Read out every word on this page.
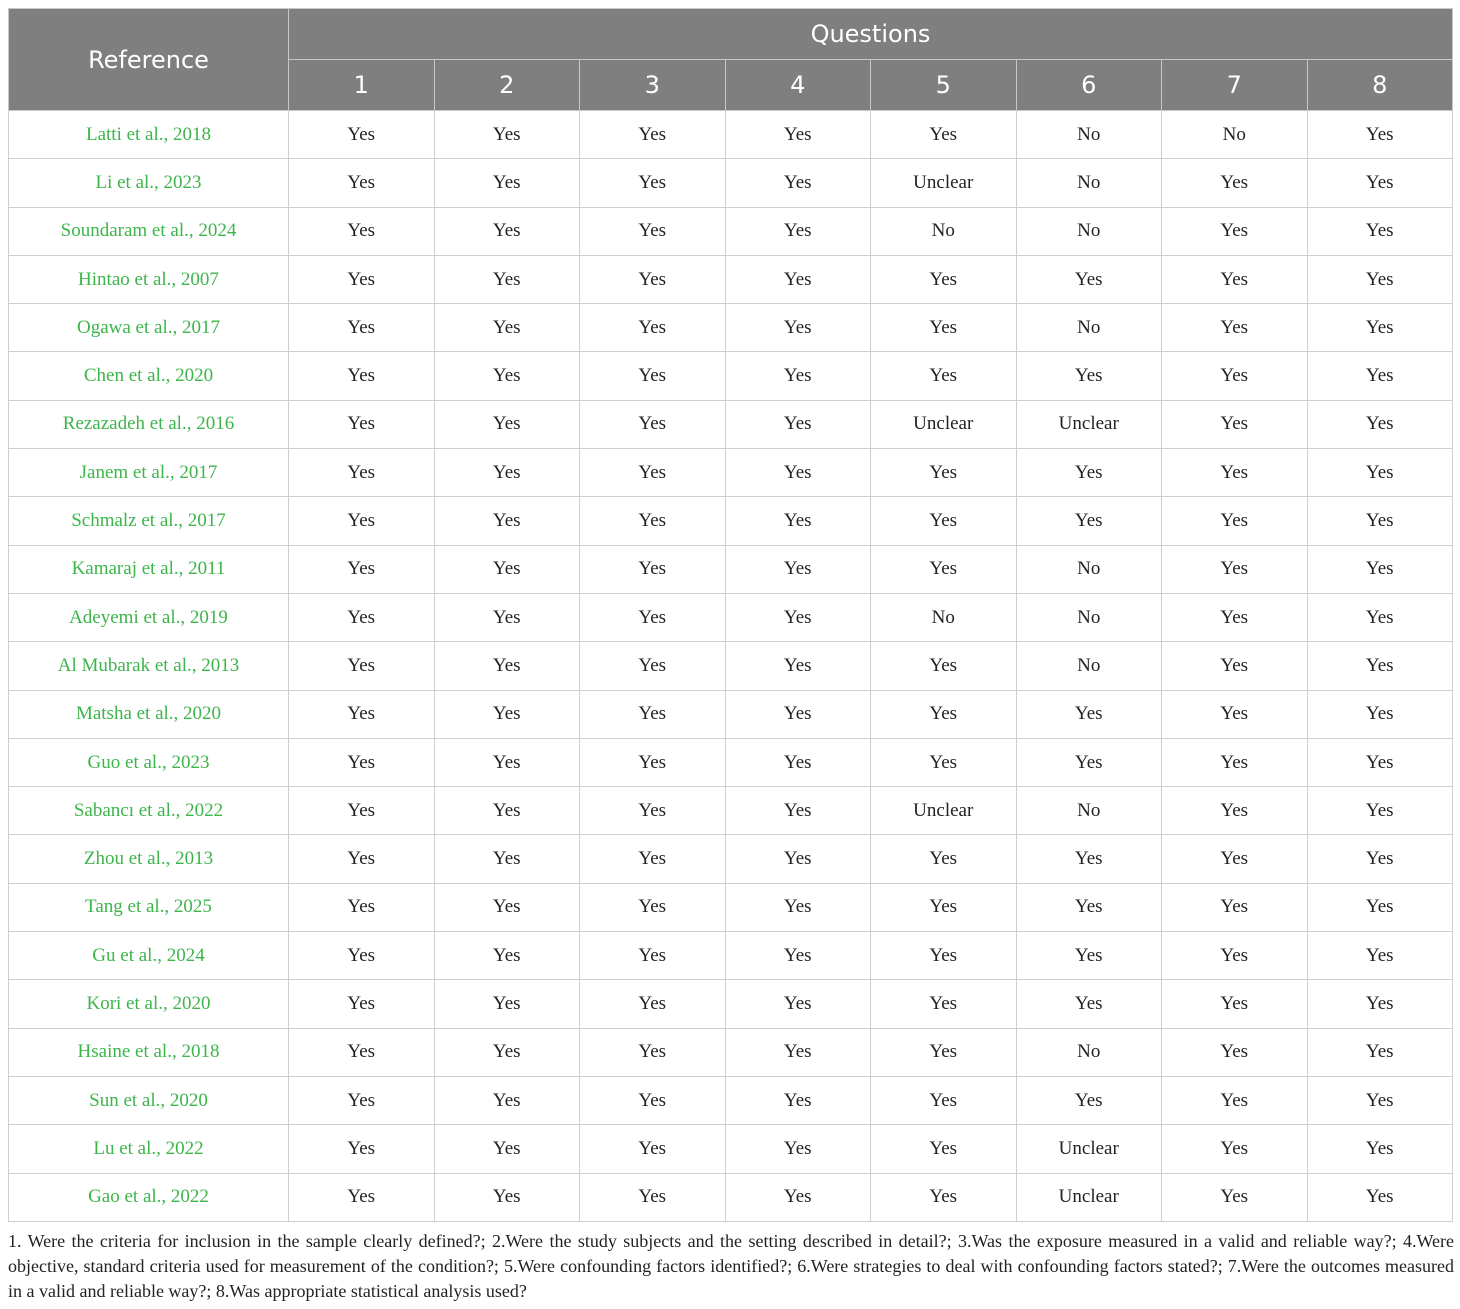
Reference	Questions							
	1	2	3	4	5	6	7	8
Latti et al., 2018	Yes	Yes	Yes	Yes	Yes	No	No	Yes
Li et al., 2023	Yes	Yes	Yes	Yes	Unclear	No	Yes	Yes
Soundaram et al., 2024	Yes	Yes	Yes	Yes	No	No	Yes	Yes
Hintao et al., 2007	Yes	Yes	Yes	Yes	Yes	Yes	Yes	Yes
Ogawa et al., 2017	Yes	Yes	Yes	Yes	Yes	No	Yes	Yes
Chen et al., 2020	Yes	Yes	Yes	Yes	Yes	Yes	Yes	Yes
Rezazadeh et al., 2016	Yes	Yes	Yes	Yes	Unclear	Unclear	Yes	Yes
Janem et al., 2017	Yes	Yes	Yes	Yes	Yes	Yes	Yes	Yes
Schmalz et al., 2017	Yes	Yes	Yes	Yes	Yes	Yes	Yes	Yes
Kamaraj et al., 2011	Yes	Yes	Yes	Yes	Yes	No	Yes	Yes
Adeyemi et al., 2019	Yes	Yes	Yes	Yes	No	No	Yes	Yes
Al Mubarak et al., 2013	Yes	Yes	Yes	Yes	Yes	No	Yes	Yes
Matsha et al., 2020	Yes	Yes	Yes	Yes	Yes	Yes	Yes	Yes
Guo et al., 2023	Yes	Yes	Yes	Yes	Yes	Yes	Yes	Yes
Sabancı et al., 2022	Yes	Yes	Yes	Yes	Unclear	No	Yes	Yes
Zhou et al., 2013	Yes	Yes	Yes	Yes	Yes	Yes	Yes	Yes
Tang et al., 2025	Yes	Yes	Yes	Yes	Yes	Yes	Yes	Yes
Gu et al., 2024	Yes	Yes	Yes	Yes	Yes	Yes	Yes	Yes
Kori et al., 2020	Yes	Yes	Yes	Yes	Yes	Yes	Yes	Yes
Hsaine et al., 2018	Yes	Yes	Yes	Yes	Yes	No	Yes	Yes
Sun et al., 2020	Yes	Yes	Yes	Yes	Yes	Yes	Yes	Yes
Lu et al., 2022	Yes	Yes	Yes	Yes	Yes	Unclear	Yes	Yes
Gao et al., 2022	Yes	Yes	Yes	Yes	Yes	Unclear	Yes	Yes
1. Were the criteria for inclusion in the sample clearly defined?; 2.Were the study subjects and the setting described in detail?; 3.Was the exposure measured in a valid and reliable way?; 4.Were objective, standard criteria used for measurement of the condition?; 5.Were confounding factors identified?; 6.Were strategies to deal with confounding factors stated?; 7.Were the outcomes measured in a valid and reliable way?; 8.Was appropriate statistical analysis used?
